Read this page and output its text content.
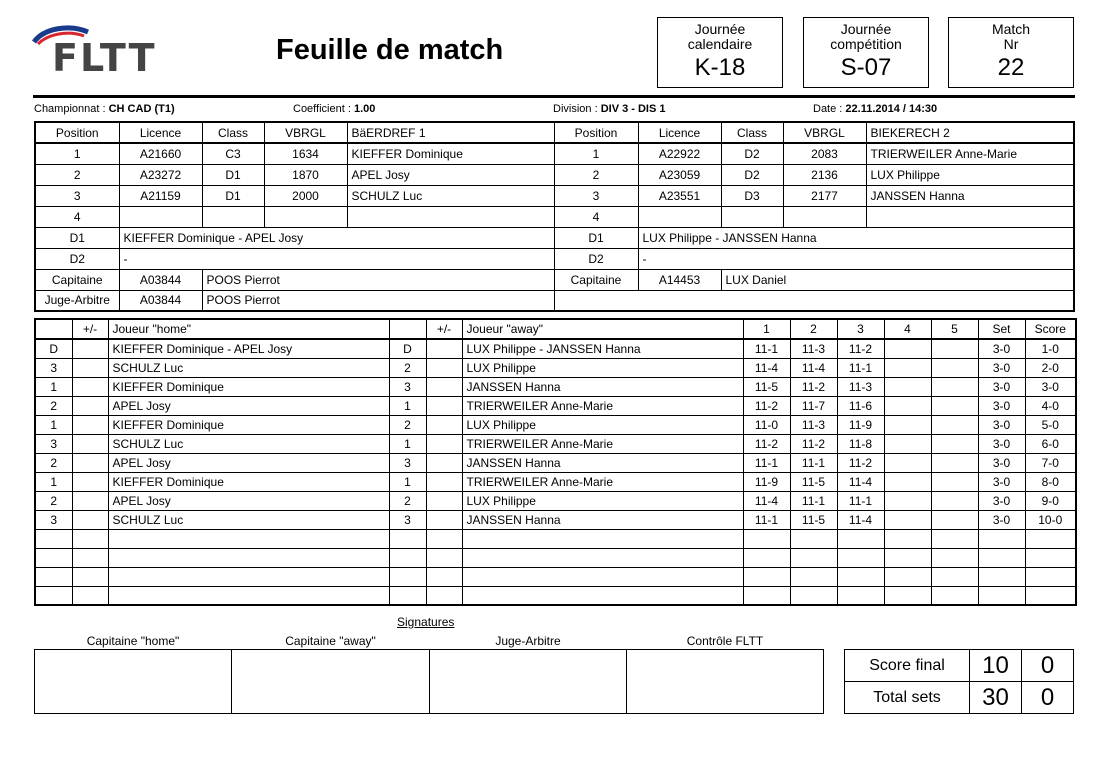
FLTT	Feuille de match
Journée calendaire
K-18
Journée compétition
S-07
Match Nr
22
Championnat : CH CAD (T1)	Coefficient : 1.00	Division : DIV 3 - DIS 1	Date : 22.11.2014 / 14:30
Position	Licence	Class	VBRGL	BäERDREF 1	Position	Licence	Class	VBRGL	BIEKERECH 2
1	A21660	C3	1634	KIEFFER Dominique	1	A22922	D2	2083	TRIERWEILER Anne-Marie
2	A23272	D1	1870	APEL Josy	2	A23059	D2	2136	LUX Philippe
3	A21159	D1	2000	SCHULZ Luc	3	A23551	D3	2177	JANSSEN Hanna
4					4				
D1	KIEFFER Dominique - APEL Josy				D1	LUX Philippe - JANSSEN Hanna			
D2	-				D2	-			
Capitaine	A03844	POOS Pierrot			Capitaine	A14453	LUX Daniel		
Juge-Arbitre	A03844	POOS Pierrot							
	+/-	Joueur "home"		+/-	Joueur "away"	1	2	3	4	5	Set	Score
D		KIEFFER Dominique - APEL Josy	D		LUX Philippe - JANSSEN Hanna	11-1	11-3	11-2			3-0	1-0
3		SCHULZ Luc	2		LUX Philippe	11-4	11-4	11-1			3-0	2-0
1		KIEFFER Dominique	3		JANSSEN Hanna	11-5	11-2	11-3			3-0	3-0
2		APEL Josy	1		TRIERWEILER Anne-Marie	11-2	11-7	11-6			3-0	4-0
1		KIEFFER Dominique	2		LUX Philippe	11-0	11-3	11-9			3-0	5-0
3		SCHULZ Luc	1		TRIERWEILER Anne-Marie	11-2	11-2	11-8			3-0	6-0
2		APEL Josy	3		JANSSEN Hanna	11-1	11-1	11-2			3-0	7-0
1		KIEFFER Dominique	1		TRIERWEILER Anne-Marie	11-9	11-5	11-4			3-0	8-0
2		APEL Josy	2		LUX Philippe	11-4	11-1	11-1			3-0	9-0
3		SCHULZ Luc	3		JANSSEN Hanna	11-1	11-5	11-4			3-0	10-0

Signatures
Capitaine "home"	Capitaine "away"	Juge-Arbitre	Contrôle FLTT

Score final	10	0
Total sets	30	0
